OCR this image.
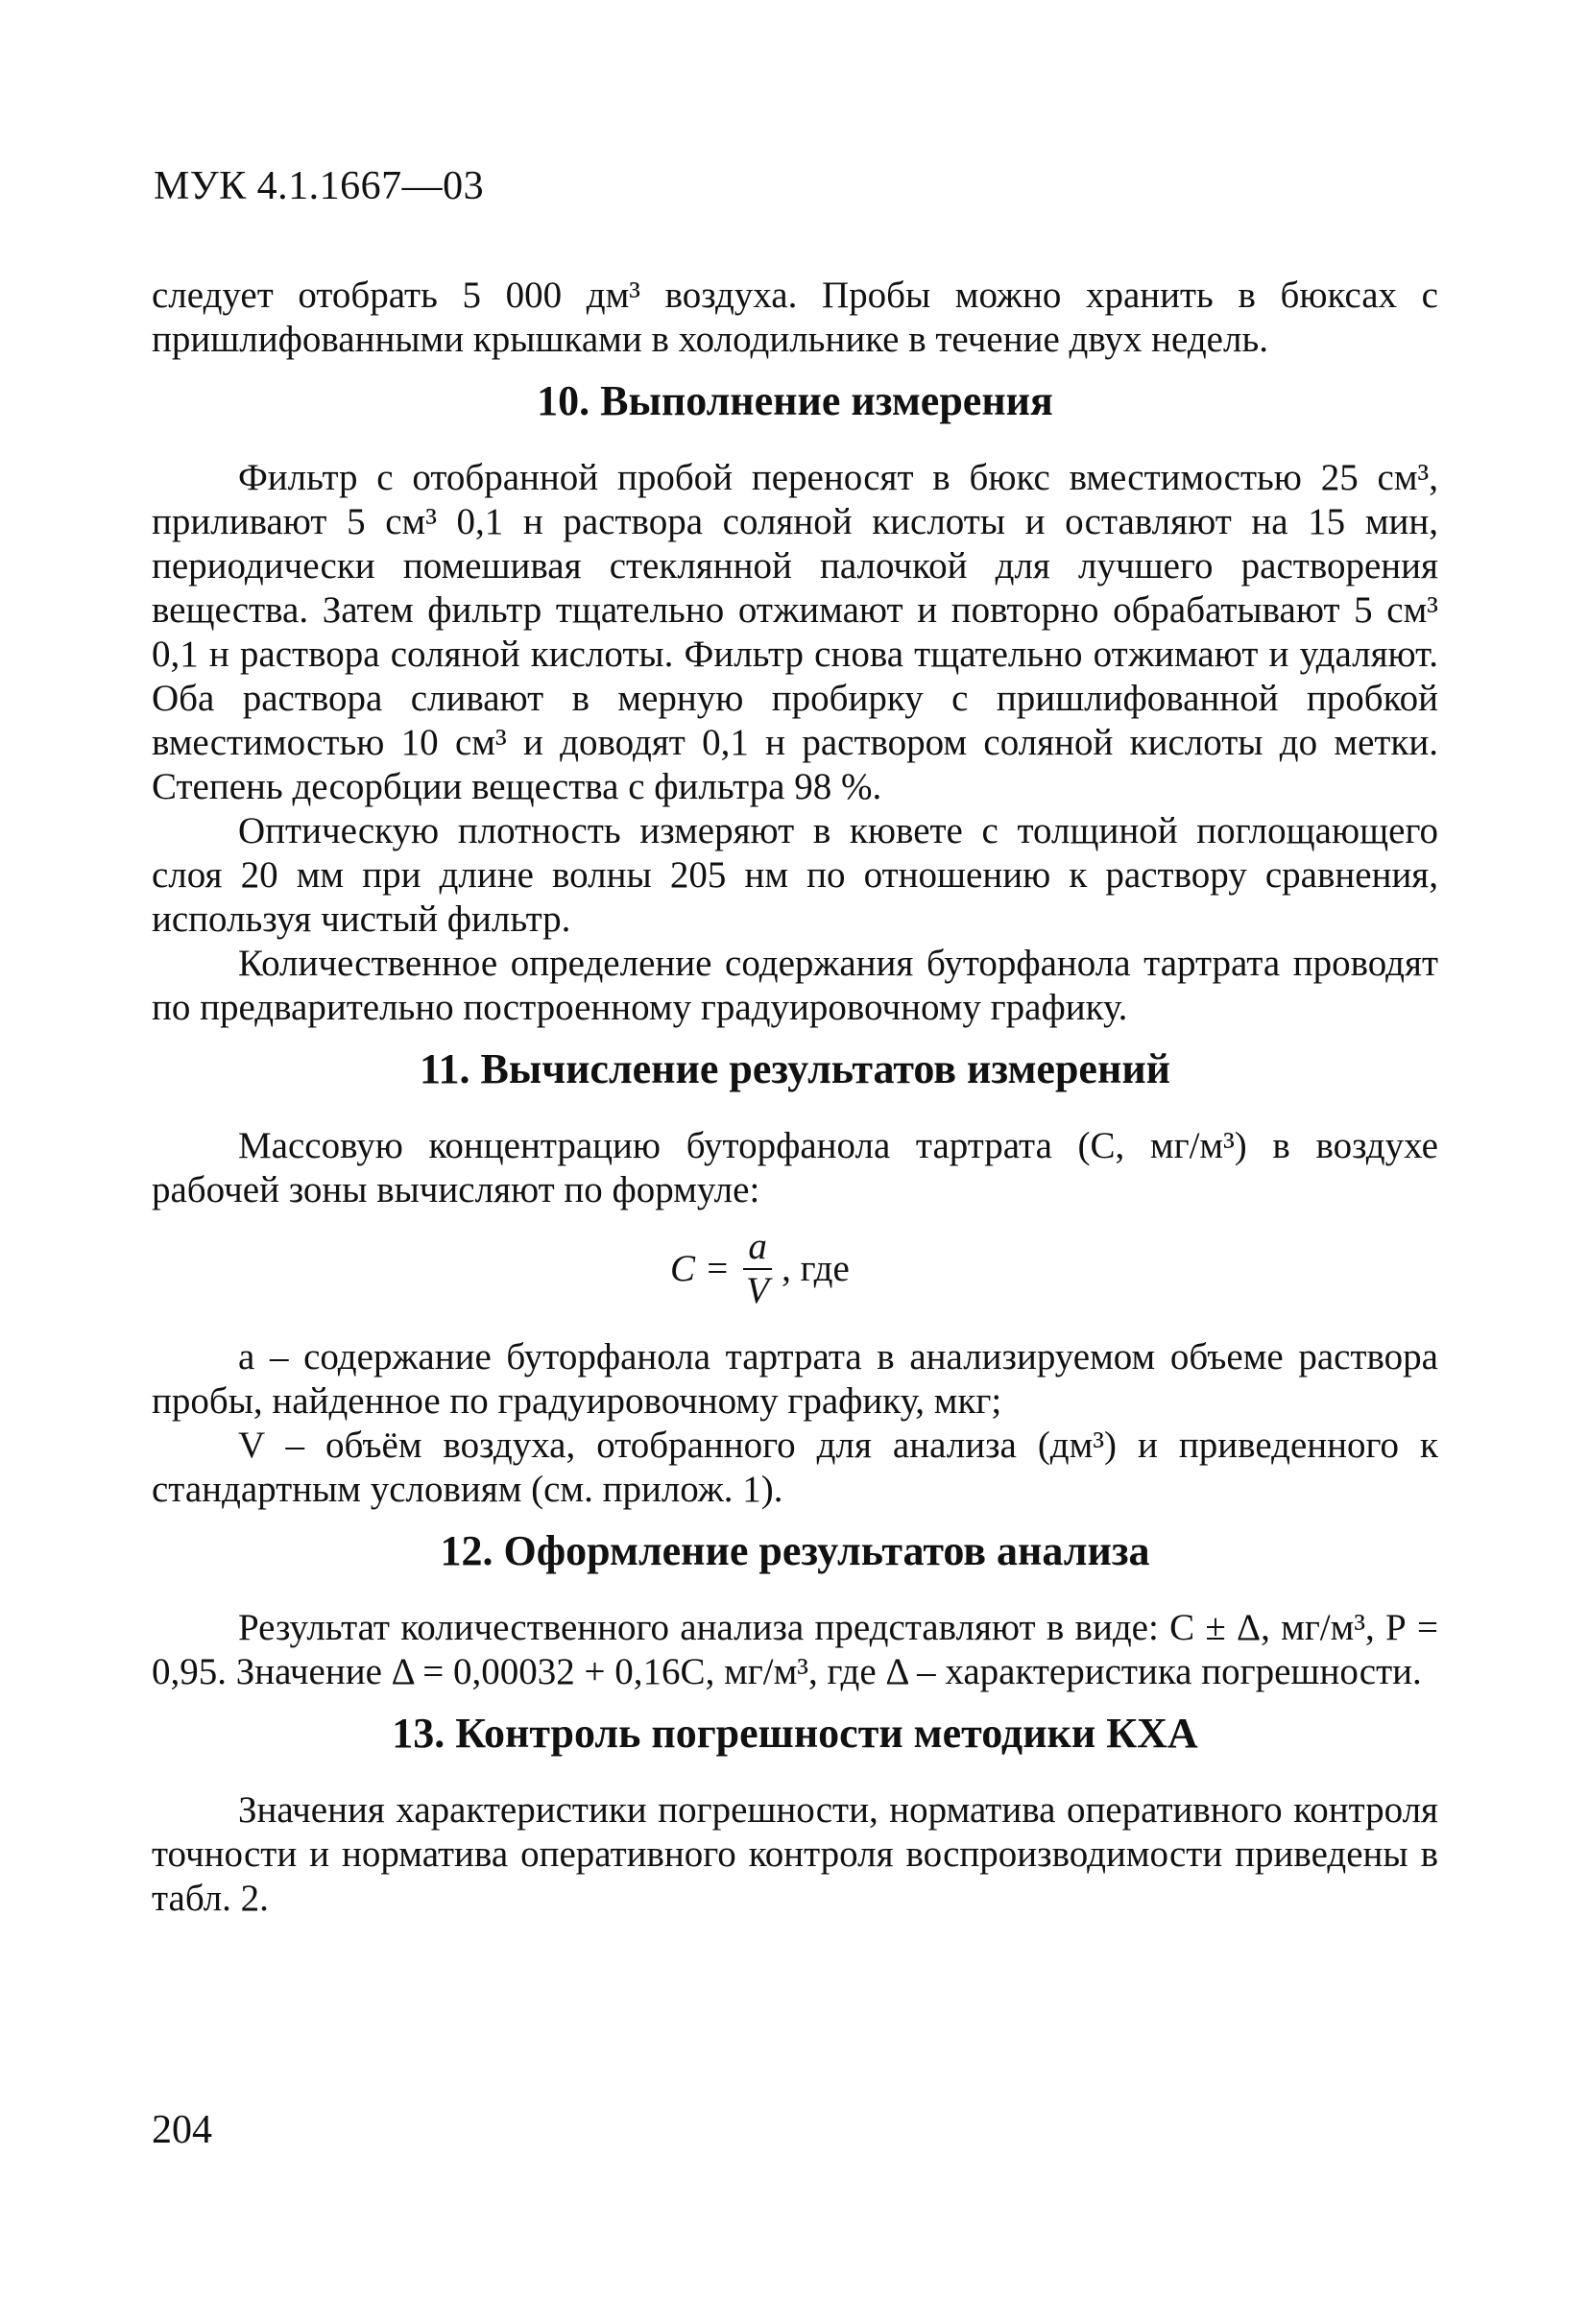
МУК 4.1.1667—03

следует отобрать 5 000 дм³ воздуха. Пробы можно хранить в бюксах с пришлифованными крышками в холодильнике в течение двух недель.

10. Выполнение измерения

Фильтр с отобранной пробой переносят в бюкс вместимостью 25 см³, приливают 5 см³ 0,1 н раствора соляной кислоты и оставляют на 15 мин, периодически помешивая стеклянной палочкой для лучшего растворения вещества. Затем фильтр тщательно отжимают и повторно обрабатывают 5 см³ 0,1 н раствора соляной кислоты. Фильтр снова тщательно отжимают и удаляют. Оба раствора сливают в мерную пробирку с пришлифованной пробкой вместимостью 10 см³ и доводят 0,1 н раствором соляной кислоты до метки. Степень десорбции вещества с фильтра 98 %.

Оптическую плотность измеряют в кювете с толщиной поглощающего слоя 20 мм при длине волны 205 нм по отношению к раствору сравнения, используя чистый фильтр.

Количественное определение содержания буторфанола тартрата проводят по предварительно построенному градуировочному графику.

11. Вычисление результатов измерений

Массовую концентрацию буторфанола тартрата (С, мг/м³) в воздухе рабочей зоны вычисляют по формуле:

$C = \frac{a}{V}$ , где

а – содержание буторфанола тартрата в анализируемом объеме раствора пробы, найденное по градуировочному графику, мкг;

V – объём воздуха, отобранного для анализа (дм³) и приведенного к стандартным условиям (см. прилож. 1).

12. Оформление результатов анализа

Результат количественного анализа представляют в виде: С ± Δ, мг/м³, Р = 0,95. Значение Δ = 0,00032 + 0,16С, мг/м³, где Δ – характеристика погрешности.

13. Контроль погрешности методики КХА

Значения характеристики погрешности, норматива оперативного контроля точности и норматива оперативного контроля воспроизводимости приведены в табл. 2.

204
